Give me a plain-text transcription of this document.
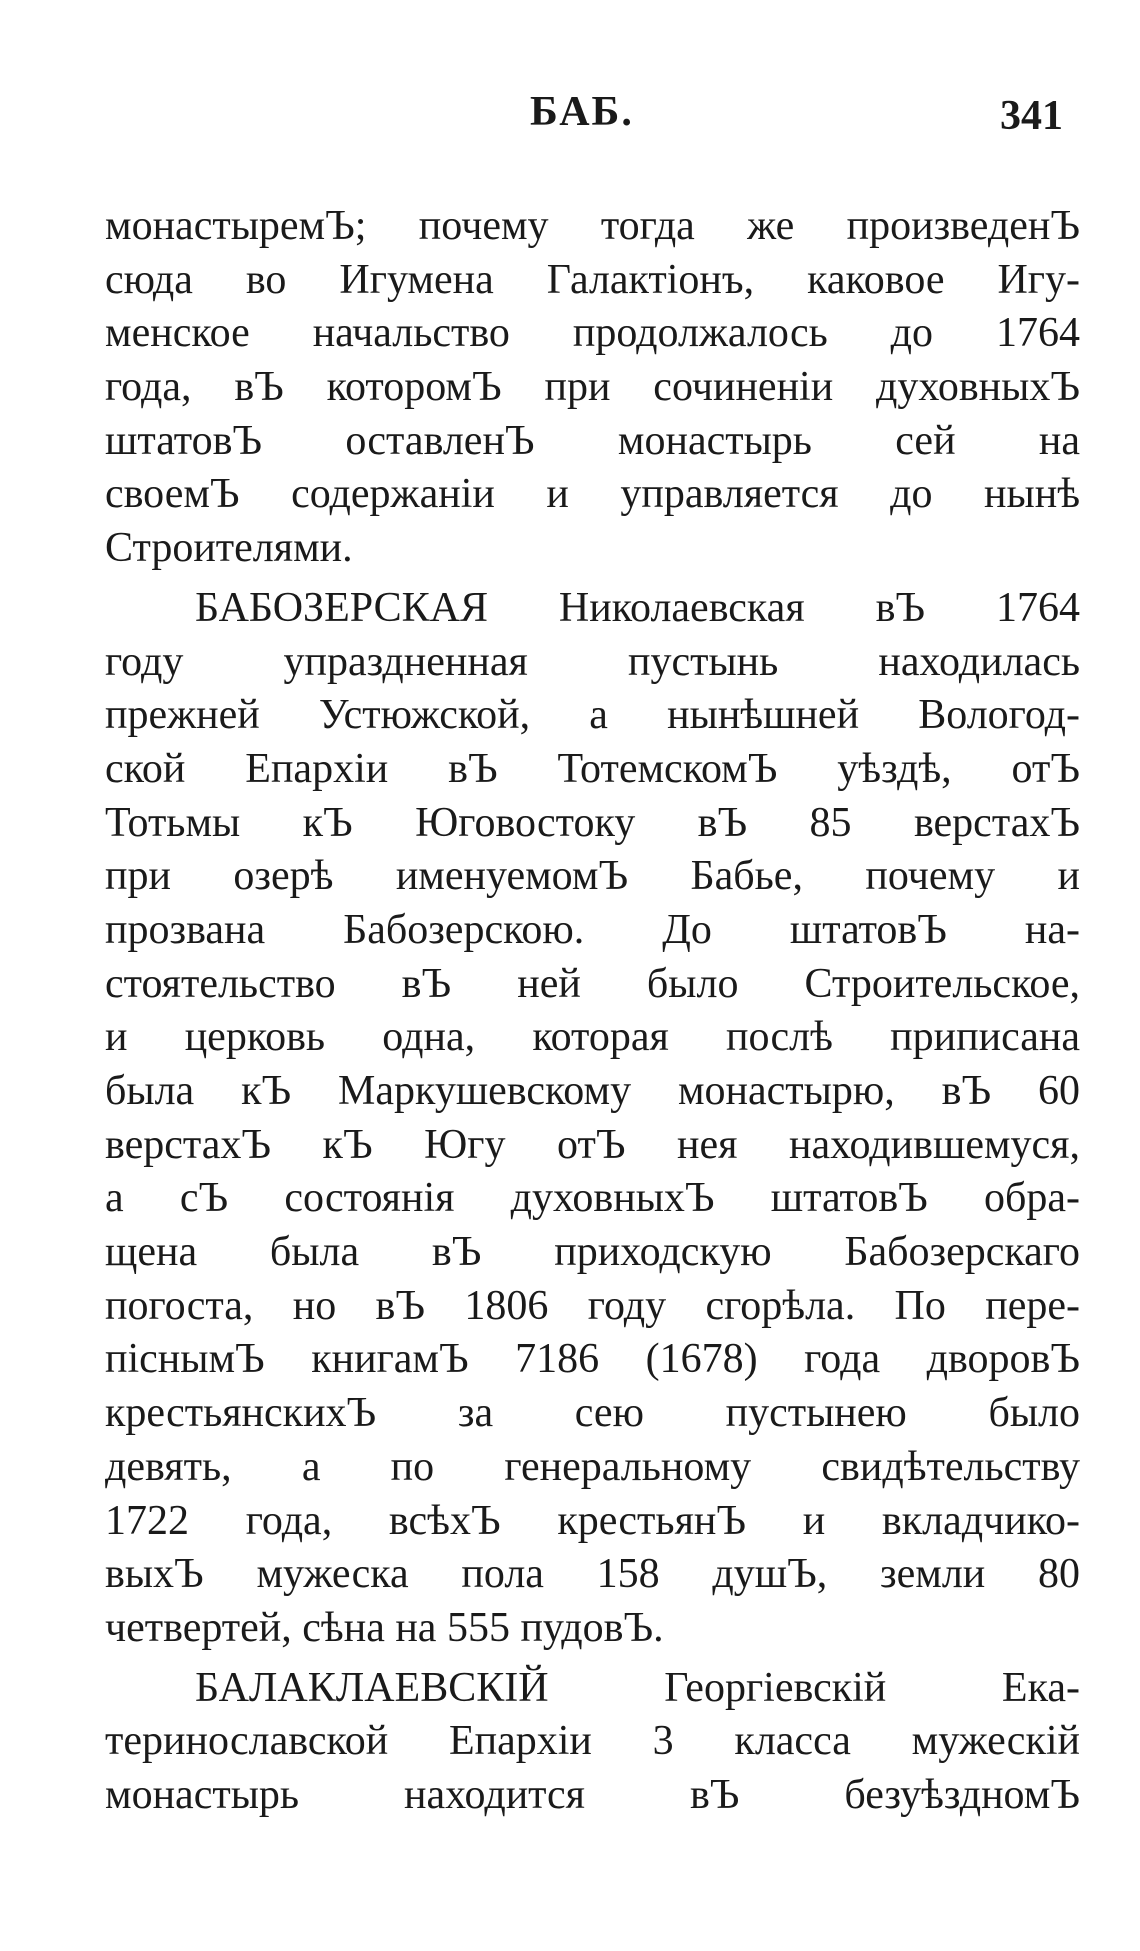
БАБ.	341
монастыремЪ; почему тогда же произведенЪ
сюда во Игумена Галактіонъ, каковое Игу-
менское начальство продолжалось до 1764
года, вЪ которомЪ при сочиненіи духовныхЪ
штатовЪ оставленЪ монастырь сей на
своемЪ содержаніи и управляется до нынѣ
Строителями.
БАБОЗЕРСКАЯ Николаевская вЪ 1764
году упраздненная пустынь находилась
прежней Устюжской, а нынѣшней Вологод-
ской Епархіи вЪ ТотемскомЪ уѣздѣ, отЪ
Тотьмы кЪ Юговостоку вЪ 85 верстахЪ
при озерѣ именуемомЪ Бабье, почему и
прозвана Бабозерскою. До штатовЪ на-
стоятельство вЪ ней было Строительское,
и церковь одна, которая послѣ приписана
была кЪ Маркушевскому монастырю, вЪ 60
верстахЪ кЪ Югу отЪ нея находившемуся,
а сЪ состоянія духовныхЪ штатовЪ обра-
щена была вЪ приходскую Бабозерскаго
погоста, но вЪ 1806 году сгорѣла. По пере-
піснымЪ книгамЪ 7186 (1678) года дворовЪ
крестьянскихЪ за сею пустынею было
девять, а по генеральному свидѣтельству
1722 года, всѣхЪ крестьянЪ и вкладчико-
выхЪ мужеска пола 158 душЪ, земли 80
четвертей, сѣна на 555 пудовЪ.
БАЛАКЛАЕВСКІЙ Георгіевскій Ека-
теринославской Епархіи 3 класса мужескій
монастырь находится вЪ безуѣздномЪ
